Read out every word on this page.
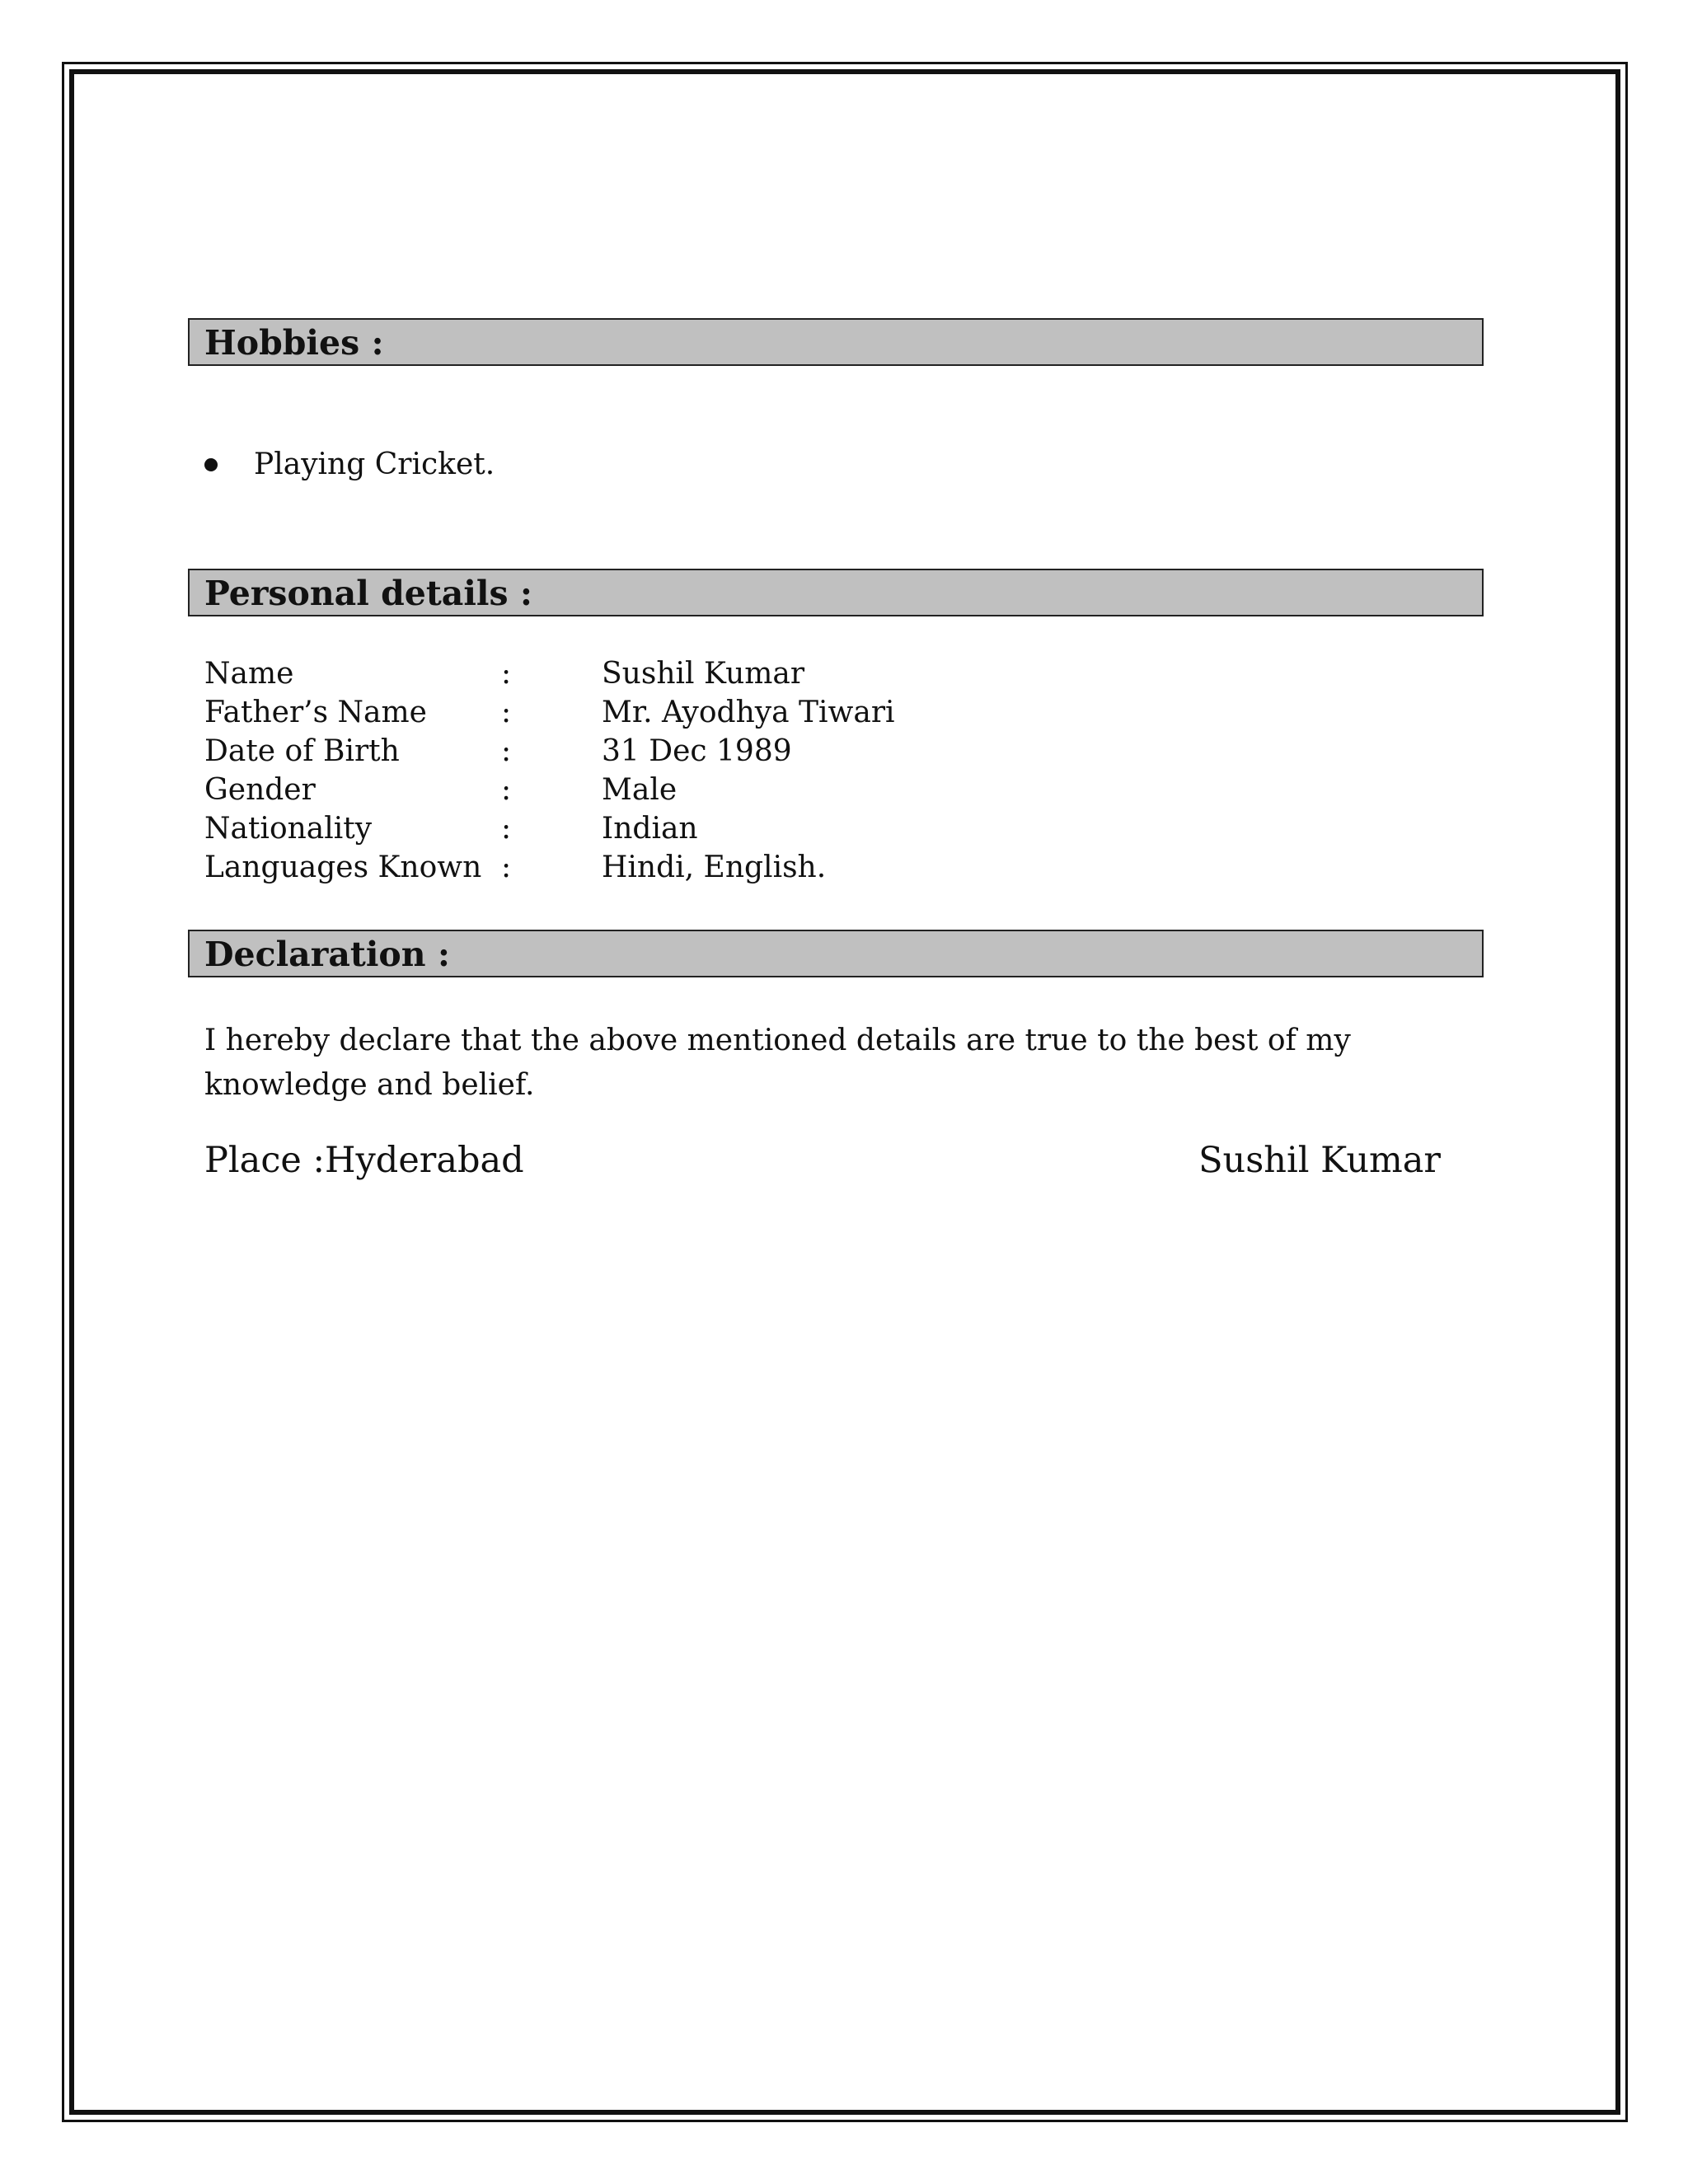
Hobbies :
Playing Cricket.
Personal details :
Name	:	Sushil Kumar
Father’s Name	:	Mr. Ayodhya Tiwari
Date of Birth	:	31 Dec 1989
Gender	:	Male
Nationality	:	Indian
Languages Known :	Hindi, English.
Declaration :
I hereby declare that the above mentioned details are true to the best of my knowledge and belief.
Place :Hyderabad	Sushil Kumar
